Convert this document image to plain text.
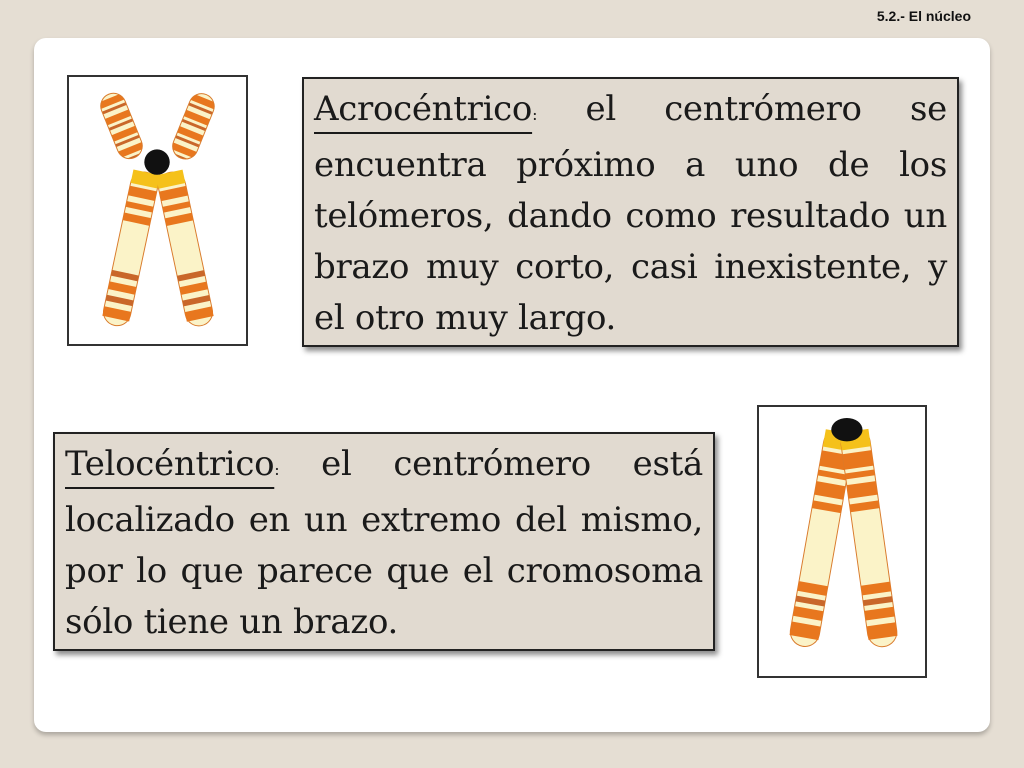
5.2.- El núcleo
Acrocéntrico: el centrómero se encuentra próximo a uno de los telómeros, dando como resultado un brazo muy corto, casi inexistente, y el otro muy largo.
Telocéntrico: el centrómero está localizado en un extremo del mismo, por lo que parece que el cromosoma sólo tiene un brazo.
